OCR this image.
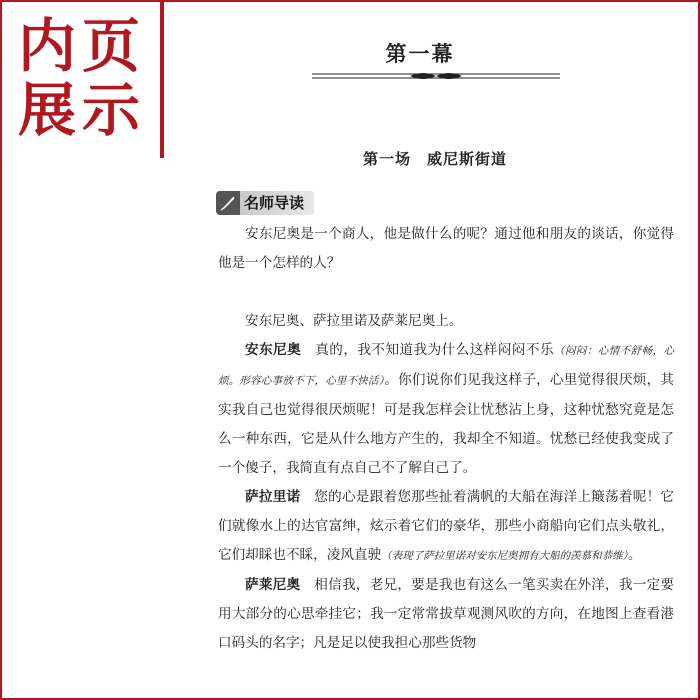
内页
展示
第一幕
第一场　威尼斯街道
名师导读

安东尼奥是一个商人，他是做什么的呢？通过他和朋友的谈话，你觉得他是一个怎样的人？

安东尼奥、萨拉里诺及萨莱尼奥上。

安东尼奥　 真的，我不知道我为什么这样闷闷不乐（闷闷：心情不舒畅，心烦。形容心事放不下，心里不快活）。你们说你们见我这样子，心里觉得很厌烦，其实我自己也觉得很厌烦呢！可是我怎样会让忧愁沾上身，这种忧愁究竟是怎么一种东西，它是从什么地方产生的，我却全不知道。忧愁已经使我变成了一个傻子，我简直有点自己不了解自己了。

萨拉里诺　 您的心是跟着您那些扯着满帆的大船在海洋上簸荡着呢！它们就像水上的达官富绅，炫示着它们的豪华，那些小商船向它们点头敬礼，它们却睬也不睬，凌风直驶（表现了萨拉里诺对安东尼奥拥有大船的羡慕和恭维）。

萨莱尼奥　 相信我，老兄，要是我也有这么一笔买卖在外洋，我一定要用大部分的心思牵挂它；我一定常常拔草观测风吹的方向，在地图上查看港口码头的名字；凡是足以使我担心那些货物
